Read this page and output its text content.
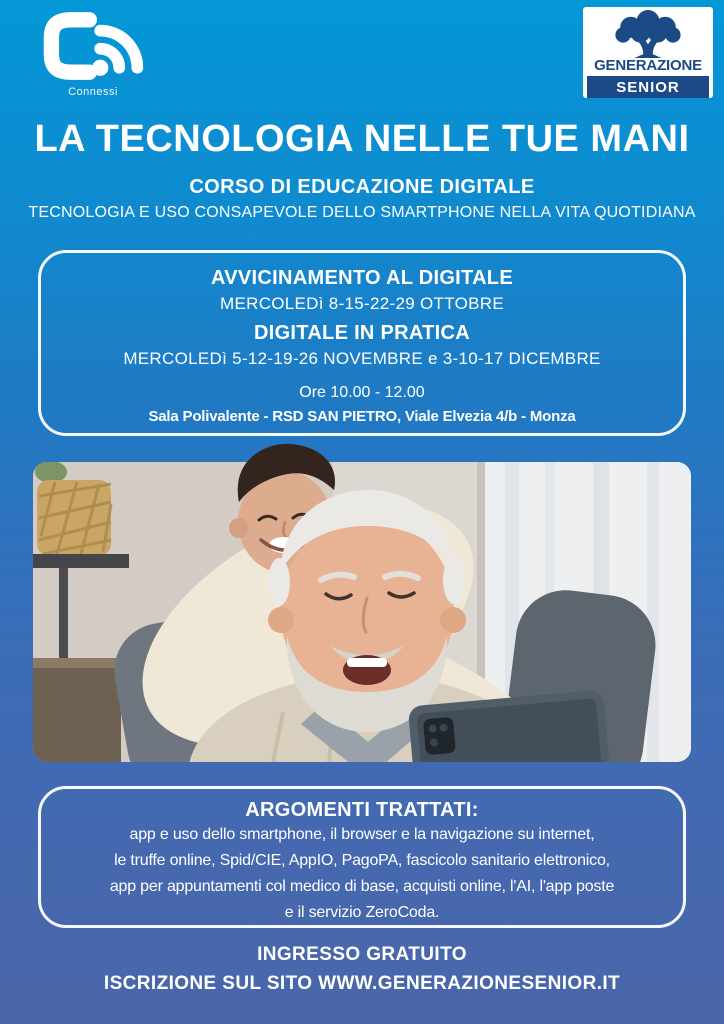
Connessi
GENERAZIONE
SENIOR
LA TECNOLOGIA NELLE TUE MANI
CORSO DI EDUCAZIONE DIGITALE
TECNOLOGIA E USO CONSAPEVOLE DELLO SMARTPHONE NELLA VITA QUOTIDIANA
AVVICINAMENTO AL DIGITALE
MERCOLEDì 8-15-22-29 OTTOBRE
DIGITALE IN PRATICA
MERCOLEDì 5-12-19-26 NOVEMBRE e 3-10-17 DICEMBRE
Ore 10.00 - 12.00
Sala Polivalente - RSD SAN PIETRO, Viale Elvezia 4/b - Monza
ARGOMENTI TRATTATI:
app e uso dello smartphone, il browser e la navigazione su internet,
le truffe online, Spid/CIE, AppIO, PagoPA, fascicolo sanitario elettronico,
app per appuntamenti col medico di base, acquisti online, l'AI, l'app poste
e il servizio ZeroCoda.
INGRESSO GRATUITO
ISCRIZIONE SUL SITO WWW.GENERAZIONESENIOR.IT
